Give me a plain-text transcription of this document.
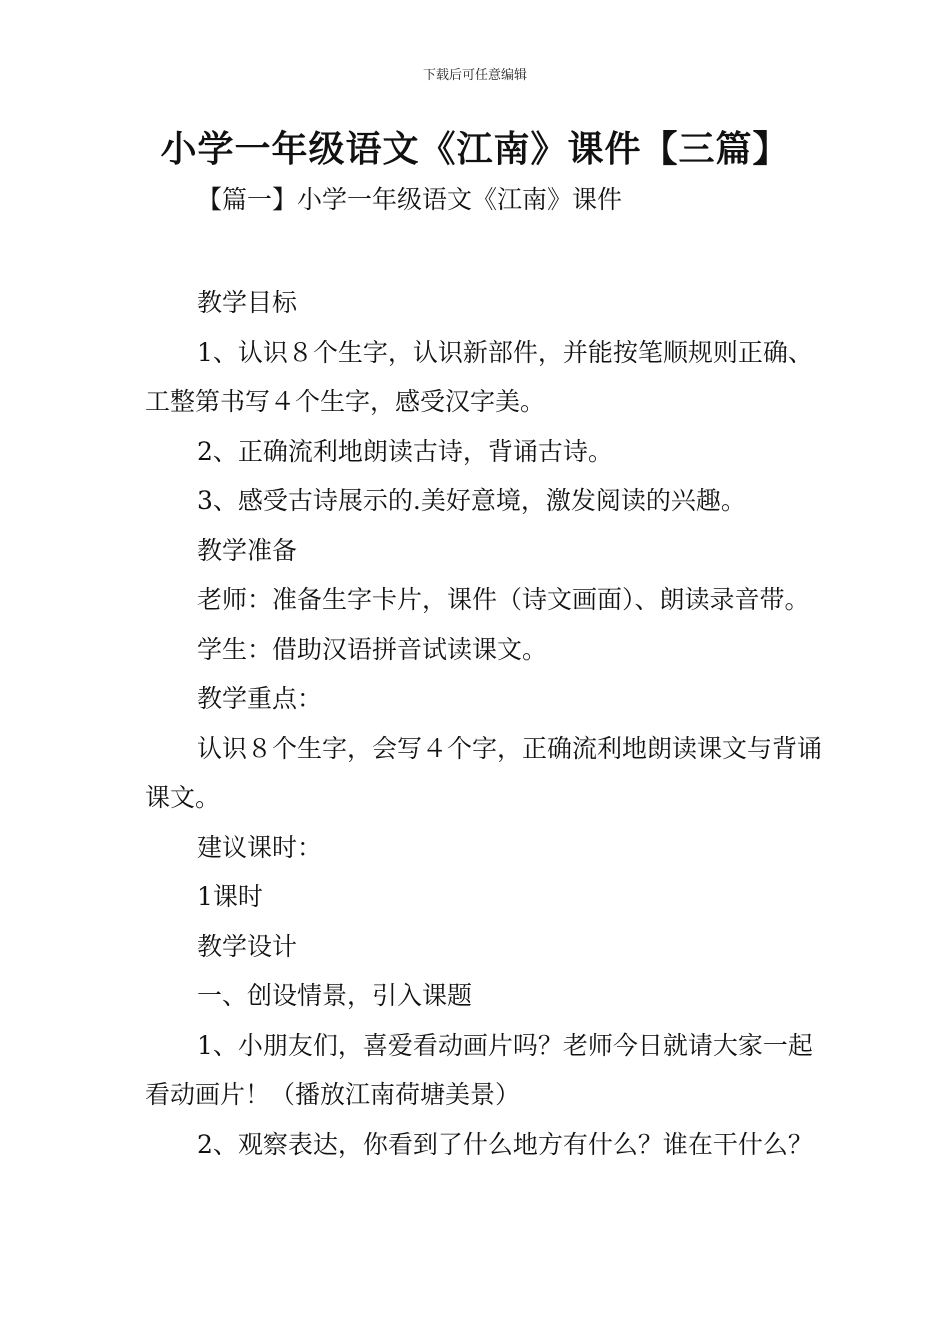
下载后可任意编辑
小学一年级语文《江南》课件【三篇】
【篇一】小学一年级语文《江南》课件

教学目标

1、认识８个生字，认识新部件，并能按笔顺规则正确、工整第书写４个生字，感受汉字美。

2、正确流利地朗读古诗，背诵古诗。

3、感受古诗展示的.美好意境，激发阅读的兴趣。

教学准备

老师：准备生字卡片，课件（诗文画面）、朗读录音带。

学生：借助汉语拼音试读课文。

教学重点：

认识８个生字，会写４个字，正确流利地朗读课文与背诵课文。

建议课时：

1课时

教学设计

一、创设情景，引入课题

1、小朋友们，喜爱看动画片吗？老师今日就请大家一起看动画片！（播放江南荷塘美景）

2、观察表达，你看到了什么地方有什么？谁在干什么？
